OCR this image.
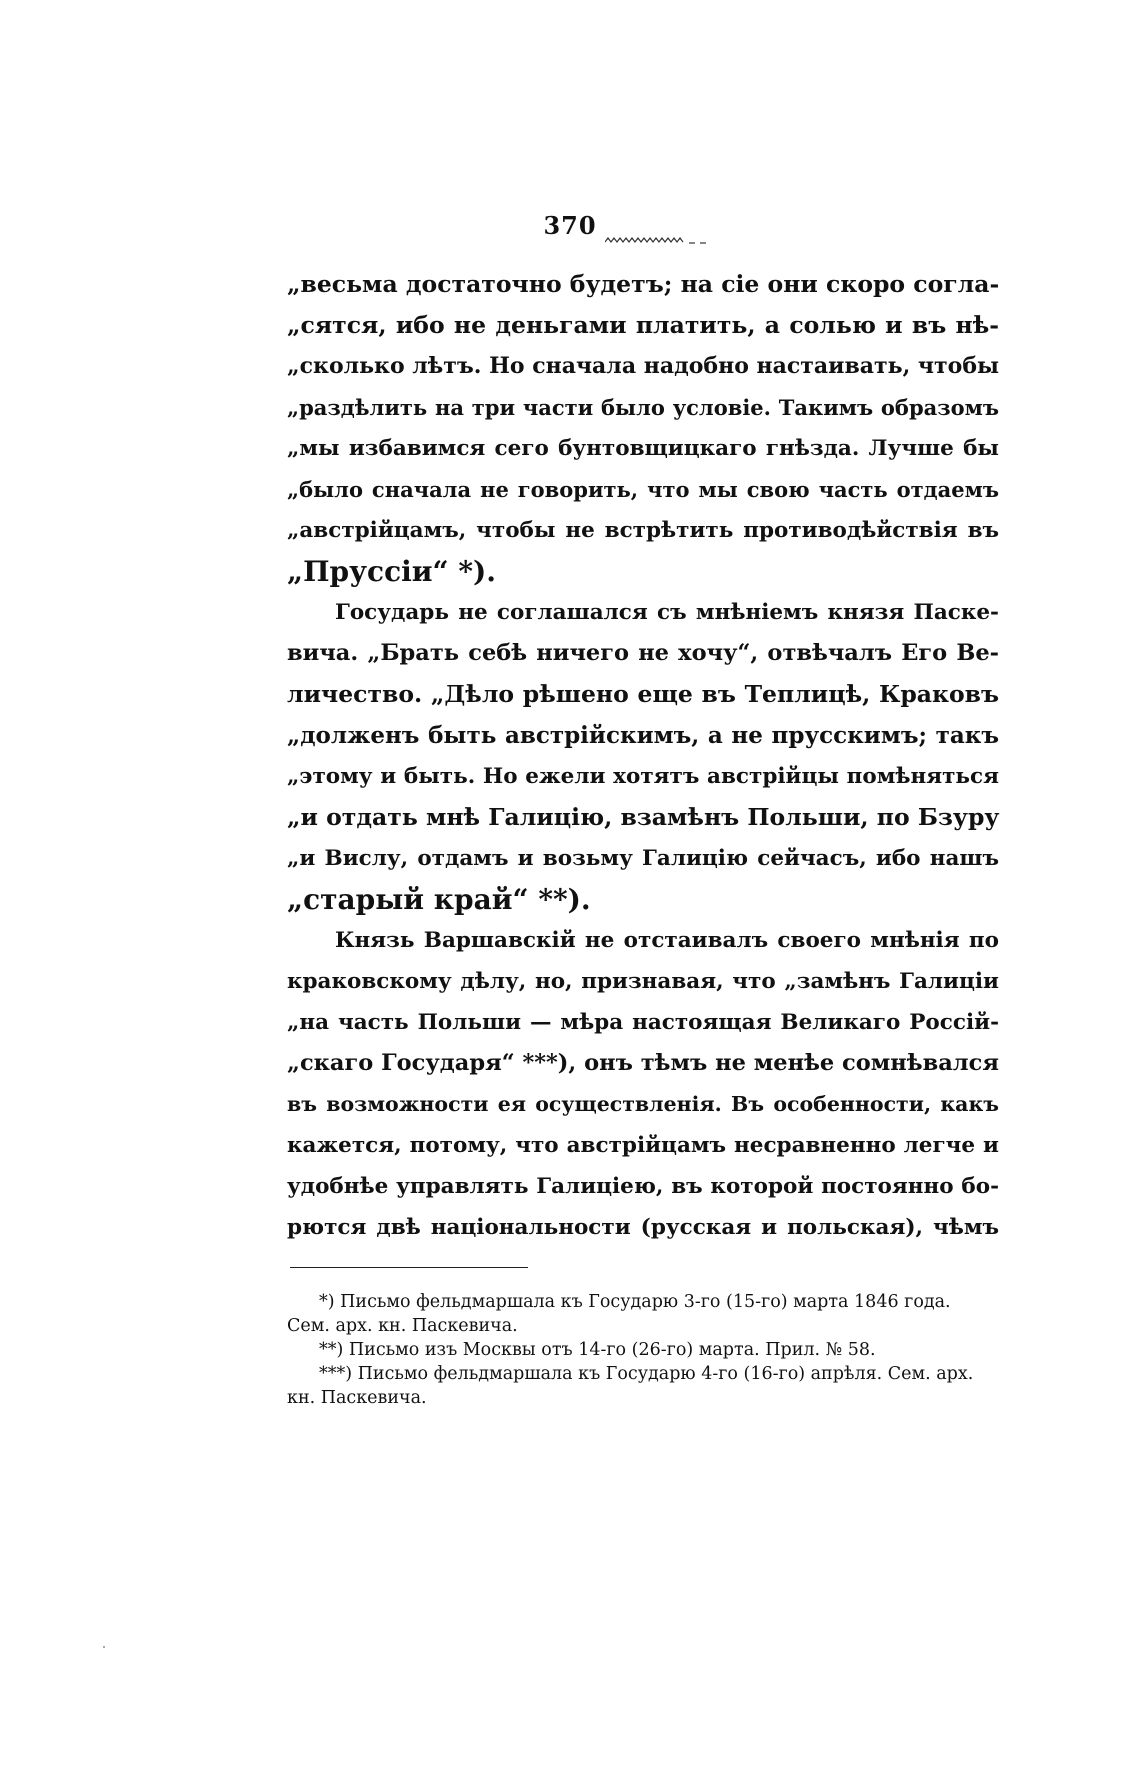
370
„весьма достаточно будетъ; на сіе они скоро согла-
„сятся, ибо не деньгами платить, а солью и въ нѣ-
„сколько лѣтъ. Но сначала надобно настаивать, чтобы
„раздѣлить на три части было условіе. Такимъ образомъ
„мы избавимся сего бунтовщицкаго гнѣзда. Лучше бы
„было сначала не говорить, что мы свою часть отдаемъ
„австрійцамъ, чтобы не встрѣтить противодѣйствія въ
„Пруссіи“ *).
Государь не соглашался съ мнѣніемъ князя Паске-
вича. „Брать себѣ ничего не хочу“, отвѣчалъ Его Ве-
личество. „Дѣло рѣшено еще въ Теплицѣ, Краковъ
„долженъ быть австрійскимъ, а не прусскимъ; такъ
„этому и быть. Но ежели хотятъ австрійцы помѣняться
„и отдать мнѣ Галицію, взамѣнъ Польши, по Бзуру
„и Вислу, отдамъ и возьму Галицію сейчасъ, ибо нашъ
„старый край“ **).
Князь Варшавскій не отстаивалъ своего мнѣнія по
краковскому дѣлу, но, признавая, что „замѣнъ Галиціи
„на часть Польши — мѣра настоящая Великаго Россій-
„скаго Государя“ ***), онъ тѣмъ не менѣе сомнѣвался
въ возможности ея осуществленія. Въ особенности, какъ
кажется, потому, что австрійцамъ несравненно легче и
удобнѣе управлять Галиціею, въ которой постоянно бо-
рются двѣ національности (русская и польская), чѣмъ
*) Письмо фельдмаршала къ Государю 3-го (15-го) марта 1846 года.
Сем. арх. кн. Паскевича.
**) Письмо изъ Москвы отъ 14-го (26-го) марта. Прил. № 58.
***) Письмо фельдмаршала къ Государю 4-го (16-го) апрѣля. Сем. арх.
кн. Паскевича.
